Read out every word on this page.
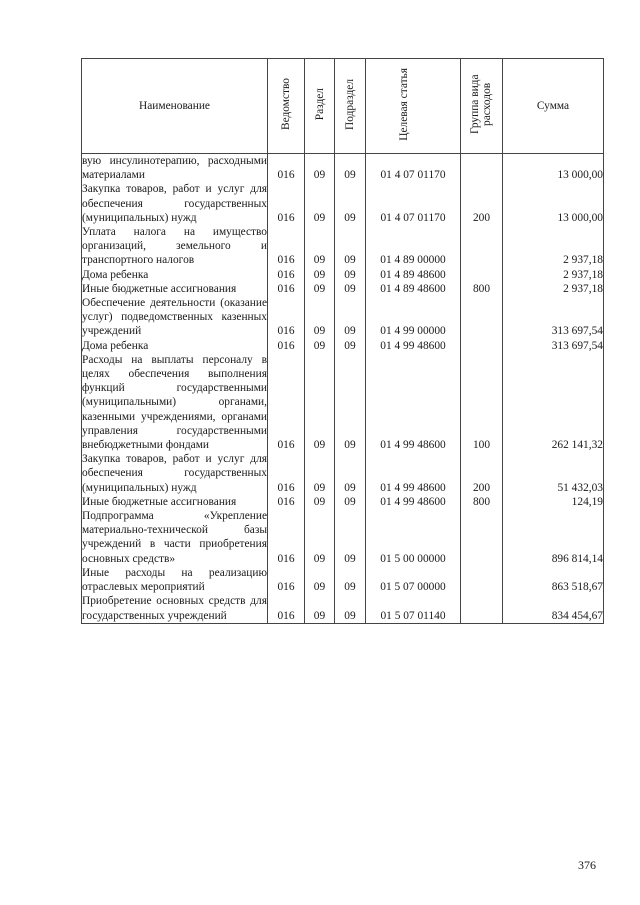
Наименование	Ведомство	Раздел	Подраздел	Целевая статья	Группа вида расходов	Сумма
вую инсулинотерапию, расходными материалами	016	09	09	01 4 07 01170		13 000,00
Закупка товаров, работ и услуг для обеспечения государственных (муниципальных) нужд	016	09	09	01 4 07 01170	200	13 000,00
Уплата налога на имущество организаций, земельного и транспортного налогов	016	09	09	01 4 89 00000		2 937,18
Дома ребенка	016	09	09	01 4 89 48600		2 937,18
Иные бюджетные ассигнования	016	09	09	01 4 89 48600	800	2 937,18
Обеспечение деятельности (оказание услуг) подведомственных казенных учреждений	016	09	09	01 4 99 00000		313 697,54
Дома ребенка	016	09	09	01 4 99 48600		313 697,54
Расходы на выплаты персоналу в целях обеспечения выполнения функций государственными (муниципальными) органами, казенными учреждениями, органами управления государственными внебюджетными фондами	016	09	09	01 4 99 48600	100	262 141,32
Закупка товаров, работ и услуг для обеспечения государственных (муниципальных) нужд	016	09	09	01 4 99 48600	200	51 432,03
Иные бюджетные ассигнования	016	09	09	01 4 99 48600	800	124,19
Подпрограмма «Укрепление материально-технической базы учреждений в части приобретения основных средств»	016	09	09	01 5 00 00000		896 814,14
Иные расходы на реализацию отраслевых мероприятий	016	09	09	01 5 07 00000		863 518,67
Приобретение основных средств для государственных учреждений	016	09	09	01 5 07 01140		834 454,67
376
